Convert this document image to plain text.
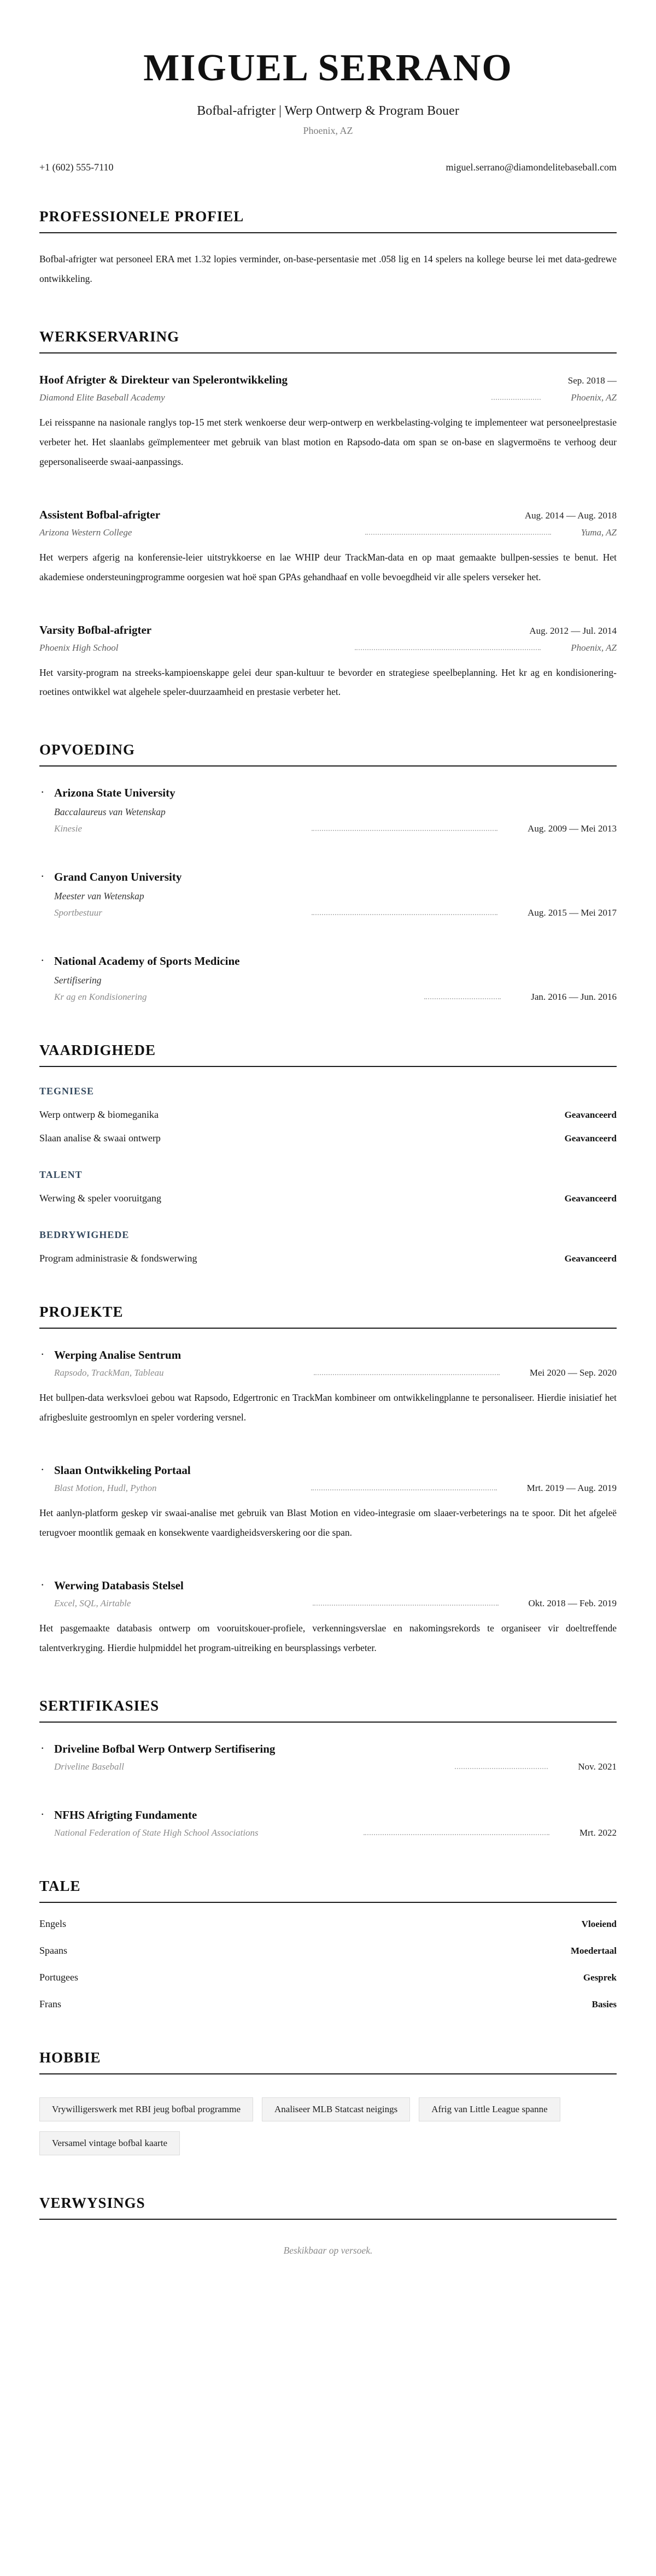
MIGUEL SERRANO
Bofbal-afrigter | Werp Ontwerp & Program Bouer
Phoenix, AZ
+1 (602) 555-7110	miguel.serrano@diamondelitebaseball.com
PROFESSIONELE PROFIEL

Bofbal-afrigter wat personeel ERA met 1.32 lopies verminder, on-base-persentasie met .058 lig en 14 spelers na kollege beurse lei met data-gedrewe ontwikkeling.

WERKSERVARING
Hoof Afrigter & Direkteur van Spelerontwikkeling	Sep. 2018 —
Diamond Elite Baseball Academy	Phoenix, AZ

Lei reisspanne na nasionale ranglys top-15 met sterk wenkoerse deur werp-ontwerp en werkbelasting-volging te implementeer wat personeelprestasie verbeter het. Het slaanlabs geïmplementeer met gebruik van blast motion en Rapsodo-data om span se on-base en slagvermoëns te verhoog deur gepersonaliseerde swaai-aanpassings.

Assistent Bofbal-afrigter	Aug. 2014 — Aug. 2018
Arizona Western College	Yuma, AZ

Het werpers afgerig na konferensie-leier uitstrykkoerse en lae WHIP deur TrackMan-data en op maat gemaakte bullpen-sessies te benut. Het akademiese ondersteuningprogramme oorgesien wat hoë span GPAs gehandhaaf en volle bevoegdheid vir alle spelers verseker het.

Varsity Bofbal-afrigter	Aug. 2012 — Jul. 2014
Phoenix High School	Phoenix, AZ

Het varsity-program na streeks-kampioenskappe gelei deur span-kultuur te bevorder en strategiese speelbeplanning. Het kr ag en kondisionering-roetines ontwikkel wat algehele speler-duurzaamheid en prestasie verbeter het.

OPVOEDING
· Arizona State University
Baccalaureus van Wetenskap
Kinesie	Aug. 2009 — Mei 2013
· Grand Canyon University
Meester van Wetenskap
Sportbestuur	Aug. 2015 — Mei 2017
· National Academy of Sports Medicine
Sertifisering
Kr ag en Kondisionering	Jan. 2016 — Jun. 2016
VAARDIGHEDE
TEGNIESE
Werp ontwerp & biomeganika	Geavanceerd
Slaan analise & swaai ontwerp	Geavanceerd
TALENT
Werwing & speler vooruitgang	Geavanceerd
BEDRYWIGHEDE
Program administrasie & fondswerwing	Geavanceerd
PROJEKTE
· Werping Analise Sentrum
Rapsodo, TrackMan, Tableau	Mei 2020 — Sep. 2020

Het bullpen-data werksvloei gebou wat Rapsodo, Edgertronic en TrackMan kombineer om ontwikkelingplanne te personaliseer. Hierdie inisiatief het afrigbesluite gestroomlyn en speler vordering versnel.

· Slaan Ontwikkeling Portaal
Blast Motion, Hudl, Python	Mrt. 2019 — Aug. 2019

Het aanlyn-platform geskep vir swaai-analise met gebruik van Blast Motion en video-integrasie om slaaer-verbeterings na te spoor. Dit het afgeleë terugvoer moontlik gemaak en konsekwente vaardigheidsverskering oor die span.

· Werwing Databasis Stelsel
Excel, SQL, Airtable	Okt. 2018 — Feb. 2019

Het pasgemaakte databasis ontwerp om vooruitskouer-profiele, verkenningsverslae en nakomingsrekords te organiseer vir doeltreffende talentverkryging. Hierdie hulpmiddel het program-uitreiking en beursplassings verbeter.

SERTIFIKASIES
· Driveline Bofbal Werp Ontwerp Sertifisering
Driveline Baseball	Nov. 2021
· NFHS Afrigting Fundamente
National Federation of State High School Associations	Mrt. 2022
TALE
Engels	Vloeiend
Spaans	Moedertaal
Portugees	Gesprek
Frans	Basies
HOBBIE
Vrywilligerswerk met RBI jeug bofbal programme	Analiseer MLB Statcast neigings	Afrig van Little League spanne
Versamel vintage bofbal kaarte
VERWYSINGS

Beskikbaar op versoek.
